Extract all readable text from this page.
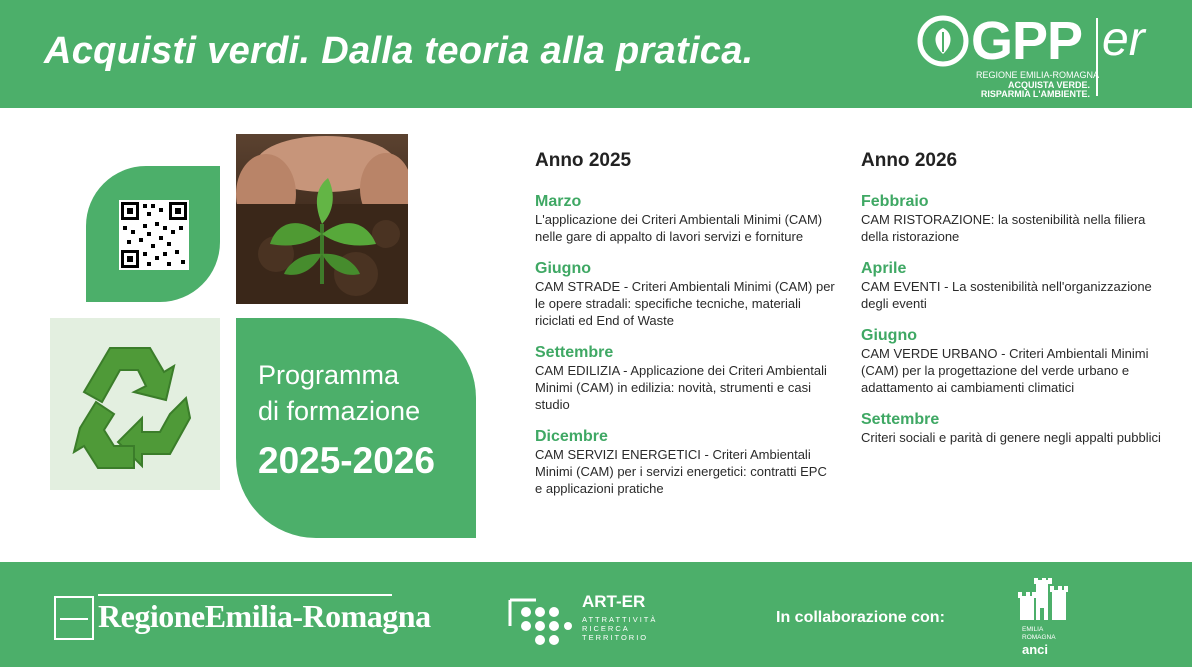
Acquisti verdi. Dalla teoria alla pratica.	GPP er
REGIONE EMILIA-ROMAGNA
ACQUISTA VERDE.
RISPARMIA L'AMBIENTE.
Programma
di formazione
2025-2026
Anno 2025
Marzo
L'applicazione dei Criteri Ambientali Minimi (CAM) nelle gare di appalto di lavori servizi e forniture
Giugno
CAM STRADE - Criteri Ambientali Minimi (CAM) per le opere stradali: specifiche tecniche, materiali riciclati ed End of Waste
Settembre
CAM EDILIZIA - Applicazione dei Criteri Ambientali Minimi (CAM) in edilizia: novità, strumenti e casi studio
Dicembre
CAM SERVIZI ENERGETICI - Criteri Ambientali Minimi (CAM) per i servizi energetici: contratti EPC e applicazioni pratiche
Anno 2026
Febbraio
CAM RISTORAZIONE: la sostenibilità nella filiera della ristorazione
Aprile
CAM EVENTI - La sostenibilità nell'organizzazione degli eventi
Giugno
CAM VERDE URBANO - Criteri Ambientali Minimi (CAM) per la progettazione del verde urbano e adattamento ai cambiamenti climatici
Settembre
Criteri sociali e parità di genere negli appalti pubblici
RegioneEmilia-Romagna	ART-ER
ATTRATTIVITÀ
RICERCA
TERRITORIO
In collaborazione con:
EMILIA
ROMAGNA
anci
